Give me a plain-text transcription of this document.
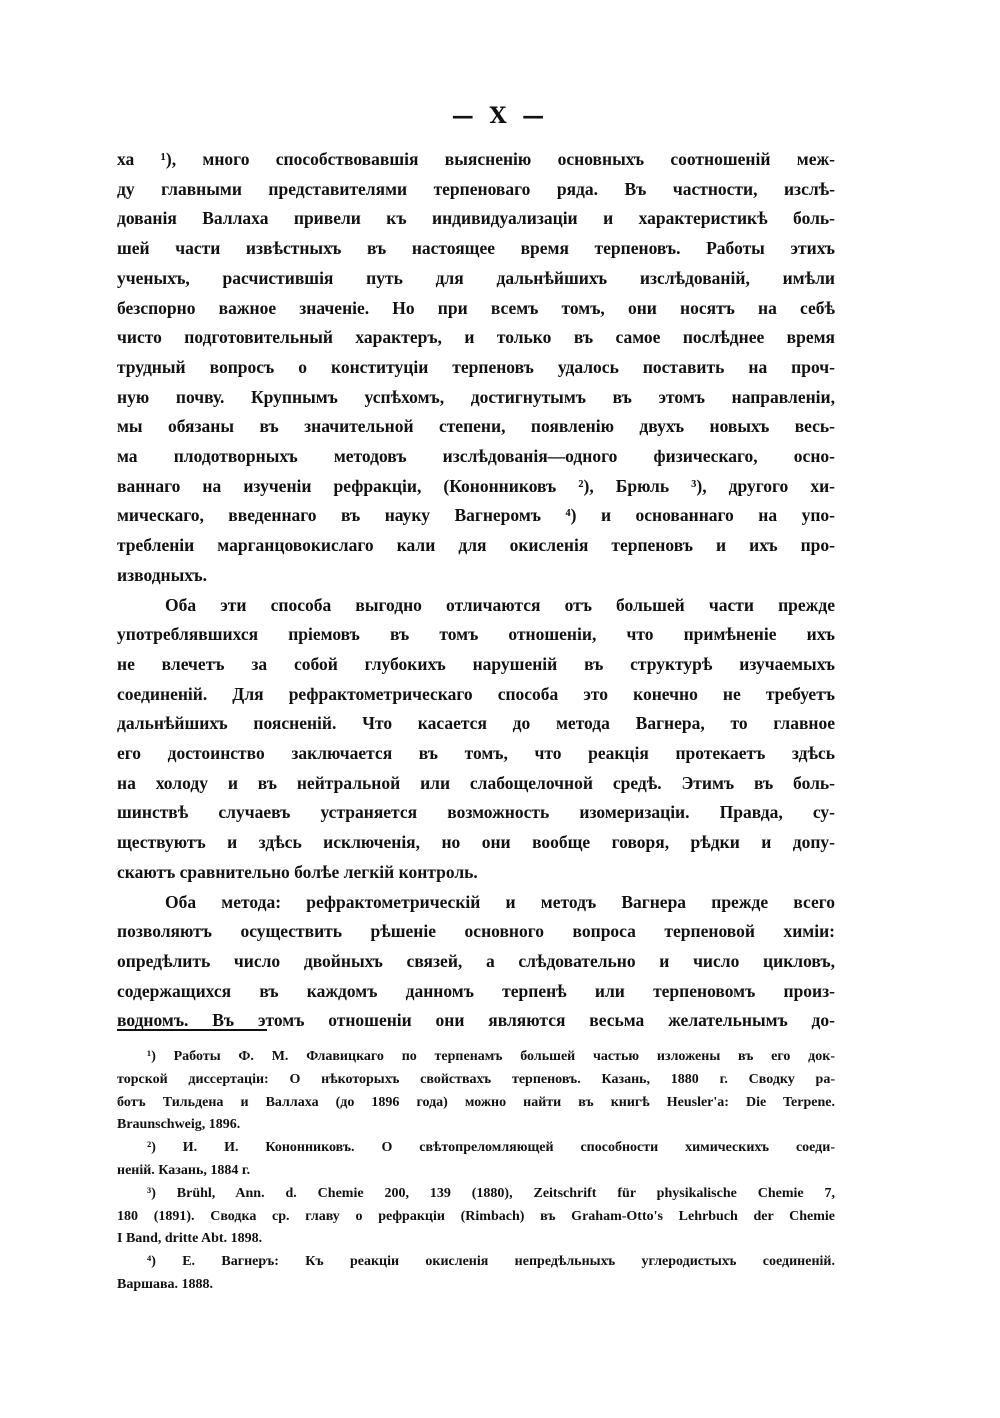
— X —
ха ¹), много способствовавшія выясненію основныхъ соотношеній меж-
ду главными представителями терпеноваго ряда. Въ частности, изслѣ-
дованія Валлаха привели къ индивидуализаціи и характеристикѣ боль-
шей части извѣстныхъ въ настоящее время терпеновъ. Работы этихъ
ученыхъ, расчистившія путь для дальнѣйшихъ изслѣдованій, имѣли
безспорно важное значеніе. Но при всемъ томъ, они носятъ на себѣ
чисто подготовительный характеръ, и только въ самое послѣднее время
трудный вопросъ о конституціи терпеновъ удалось поставить на проч-
ную почву. Крупнымъ успѣхомъ, достигнутымъ въ этомъ направленіи,
мы обязаны въ значительной степени, появленію двухъ новыхъ весь-
ма плодотворныхъ методовъ изслѣдованія—одного физическаго, осно-
ваннаго на изученіи рефракціи, (Кононниковъ ²), Брюль ³), другого хи-
мическаго, введеннаго въ науку Вагнеромъ ⁴) и основаннаго на упо-
требленіи марганцовокислаго кали для окисленія терпеновъ и ихъ про-
изводныхъ.
Оба эти способа выгодно отличаются отъ большей части прежде
употреблявшихся пріемовъ въ томъ отношеніи, что примѣненіе ихъ
не влечетъ за собой глубокихъ нарушеній въ структурѣ изучаемыхъ
соединеній. Для рефрактометрическаго способа это конечно не требуетъ
дальнѣйшихъ поясненій. Что касается до метода Вагнера, то главное
его достоинство заключается въ томъ, что реакція протекаетъ здѣсь
на холоду и въ нейтральной или слабощелочной средѣ. Этимъ въ боль-
шинствѣ случаевъ устраняется возможность изомеризаціи. Правда, су-
ществуютъ и здѣсь исключенія, но они вообще говоря, рѣдки и допу-
скаютъ сравнительно болѣе легкій контроль.
Оба метода: рефрактометрическій и методъ Вагнера прежде всего
позволяютъ осуществить рѣшеніе основного вопроса терпеновой химіи:
опредѣлить число двойныхъ связей, а слѣдовательно и число цикловъ,
содержащихся въ каждомъ данномъ терпенѣ или терпеновомъ произ-
водномъ. Въ этомъ отношеніи они являются весьма желательнымъ до-
¹) Работы Ф. М. Флавицкаго по терпенамъ большей частью изложены въ его док-
торской диссертаціи: О нѣкоторыхъ свойствахъ терпеновъ. Казань, 1880 г. Сводку ра-
ботъ Тильдена и Валлаха (до 1896 года) можно найти въ книгѣ Heusler'a: Die Terpene.
Braunschweig, 1896.
²) И. И. Кононниковъ. О свѣтопреломляющей способности химическихъ соеди-
неній. Казань, 1884 г.
³) Brühl, Ann. d. Chemie 200, 139 (1880), Zeitschrift für physikalische Chemie 7,
180 (1891). Сводка ср. главу о рефракціи (Rimbach) въ Graham-Otto's Lehrbuch der Chemie
I Band, dritte Abt. 1898.
⁴) Е. Вагнеръ: Къ реакціи окисленія непредѣльныхъ углеродистыхъ соединеній.
Варшава. 1888.
